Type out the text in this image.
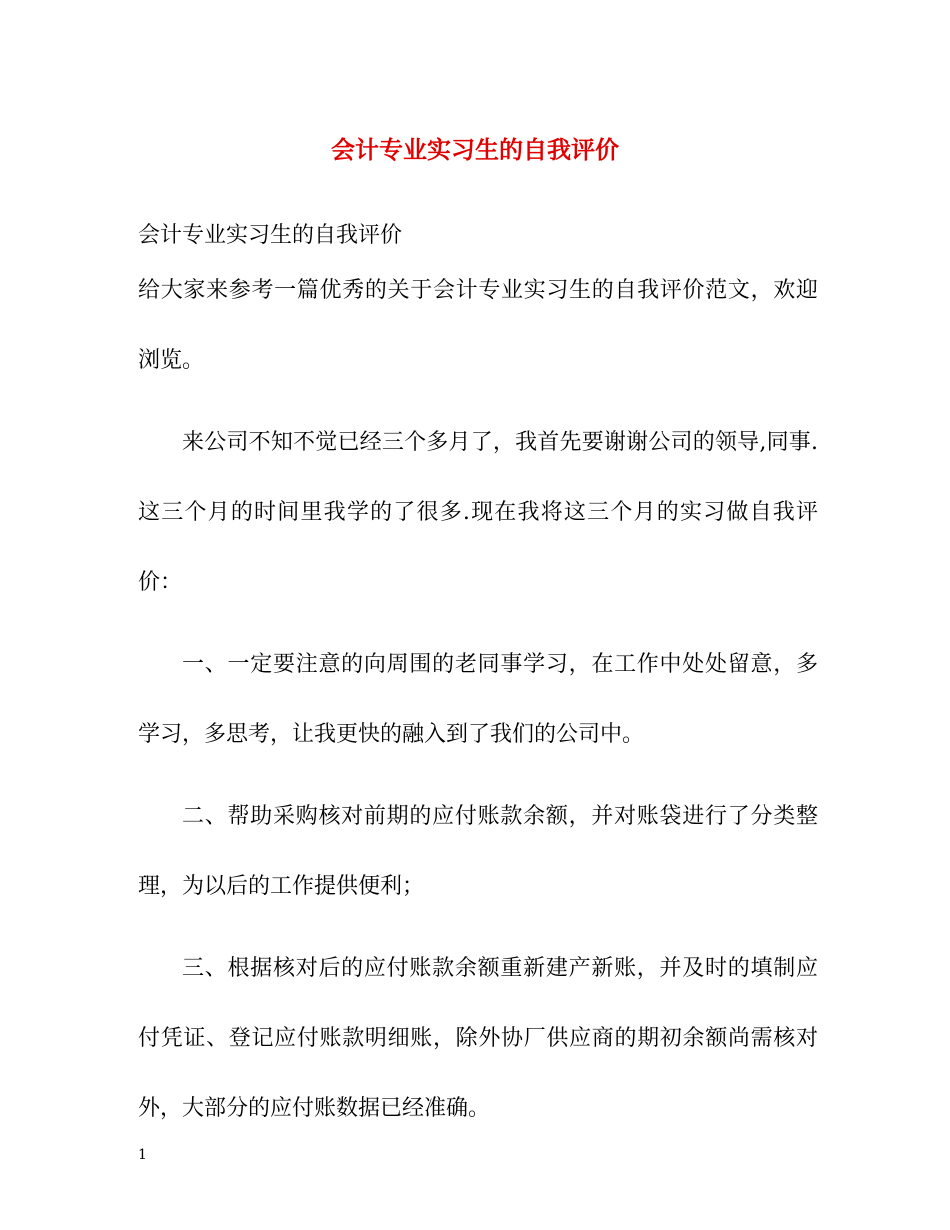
会计专业实习生的自我评价

会计专业实习生的自我评价

给大家来参考一篇优秀的关于会计专业实习生的自我评价范文，欢迎浏览。

来公司不知不觉已经三个多月了，我首先要谢谢公司的领导,同事.这三个月的时间里我学的了很多.现在我将这三个月的实习做自我评价：

一、一定要注意的向周围的老同事学习，在工作中处处留意，多学习，多思考，让我更快的融入到了我们的公司中。

二、帮助采购核对前期的应付账款余额，并对账袋进行了分类整理，为以后的工作提供便利；

三、根据核对后的应付账款余额重新建产新账，并及时的填制应付凭证、登记应付账款明细账，除外协厂供应商的期初余额尚需核对外，大部分的应付账数据已经准确。

1
